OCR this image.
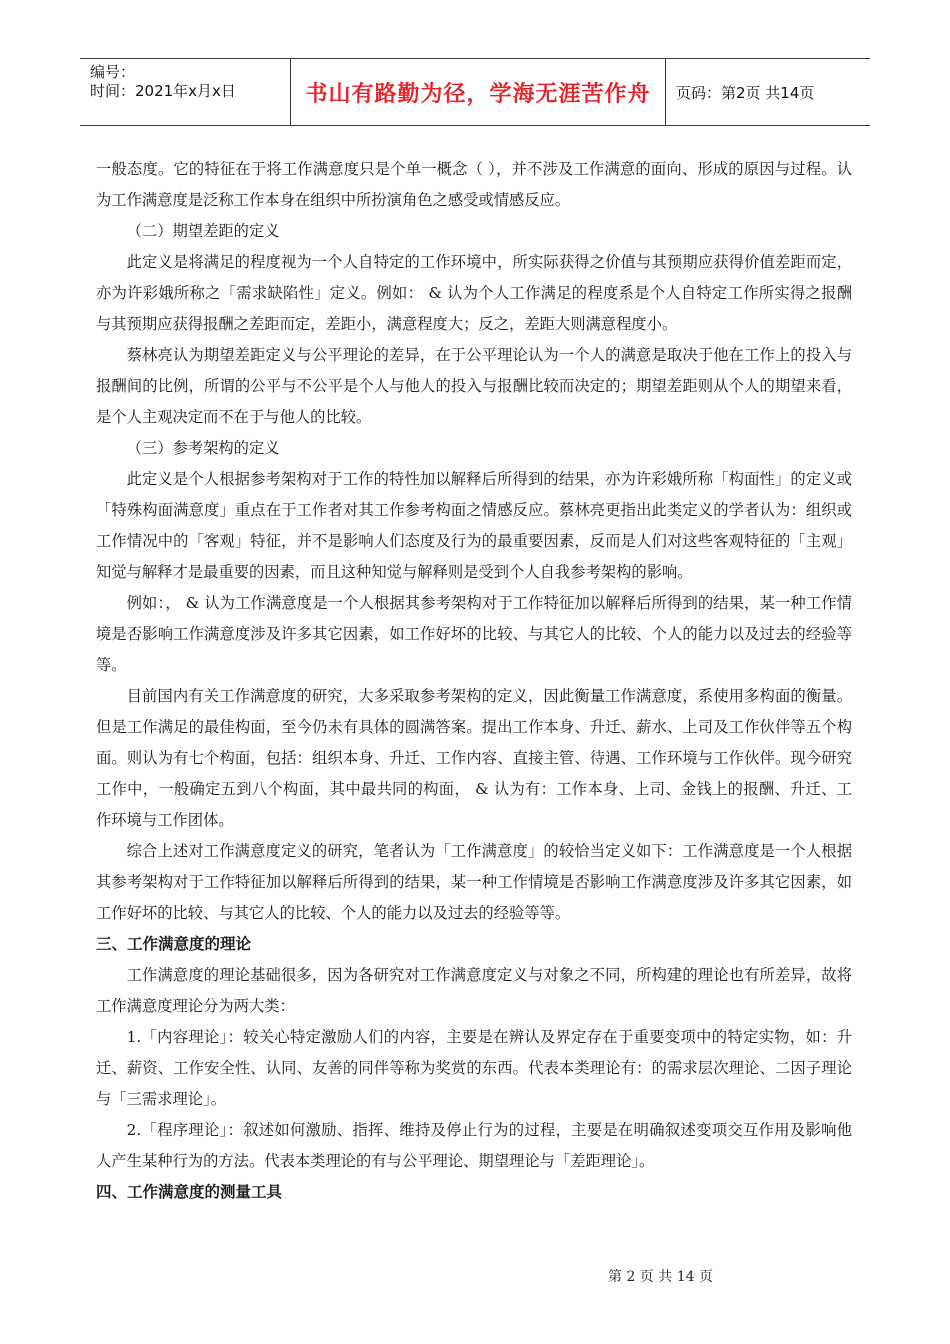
编号：
时间：2021年x月x日	书山有路勤为径，学海无涯苦作舟	页码：第2页 共14页

一般态度。它的特征在于将工作满意度只是个单一概念（ ），并不涉及工作满意的面向、形成的原因与过程。认为工作满意度是泛称工作本身在组织中所扮演角色之感受或情感反应。

（二）期望差距的定义

此定义是将满足的程度视为一个人自特定的工作环境中，所实际获得之价值与其预期应获得价值差距而定，亦为许彩娥所称之「需求缺陷性」定义。例如： & 认为个人工作满足的程度系是个人自特定工作所实得之报酬与其预期应获得报酬之差距而定，差距小，满意程度大；反之，差距大则满意程度小。

蔡林亮认为期望差距定义与公平理论的差异，在于公平理论认为一个人的满意是取决于他在工作上的投入与报酬间的比例，所谓的公平与不公平是个人与他人的投入与报酬比较而决定的；期望差距则从个人的期望来看，是个人主观决定而不在于与他人的比较。

（三）参考架构的定义

此定义是个人根据参考架构对于工作的特性加以解释后所得到的结果，亦为许彩娥所称「构面性」的定义或「特殊构面满意度」重点在于工作者对其工作参考构面之情感反应。蔡林亮更指出此类定义的学者认为：组织或工作情况中的「客观」特征，并不是影响人们态度及行为的最重要因素，反而是人们对这些客观特征的「主观」知觉与解释才是最重要的因素，而且这种知觉与解释则是受到个人自我参考架构的影响。

例如：， & 认为工作满意度是一个人根据其参考架构对于工作特征加以解释后所得到的结果，某一种工作情境是否影响工作满意度涉及许多其它因素，如工作好坏的比较、与其它人的比较、个人的能力以及过去的经验等等。

目前国内有关工作满意度的研究，大多采取参考架构的定义，因此衡量工作满意度，系使用多构面的衡量。但是工作满足的最佳构面，至今仍未有具体的圆满答案。提出工作本身、升迁、薪水、上司及工作伙伴等五个构面。则认为有七个构面，包括：组织本身、升迁、工作内容、直接主管、待遇、工作环境与工作伙伴。现今研究工作中，一般确定五到八个构面，其中最共同的构面， & 认为有：工作本身、上司、金钱上的报酬、升迁、工作环境与工作团体。

综合上述对工作满意度定义的研究，笔者认为「工作满意度」的较恰当定义如下：工作满意度是一个人根据其参考架构对于工作特征加以解释后所得到的结果，某一种工作情境是否影响工作满意度涉及许多其它因素，如工作好坏的比较、与其它人的比较、个人的能力以及过去的经验等等。

三、工作满意度的理论

工作满意度的理论基础很多，因为各研究对工作满意度定义与对象之不同，所构建的理论也有所差异，故将工作满意度理论分为两大类：

1.「内容理论」：较关心特定激励人们的内容，主要是在辨认及界定存在于重要变项中的特定实物，如：升迁、薪资、工作安全性、认同、友善的同伴等称为奖赏的东西。代表本类理论有：的需求层次理论、二因子理论与「三需求理论」。

2.「程序理论」：叙述如何激励、指挥、维持及停止行为的过程，主要是在明确叙述变项交互作用及影响他人产生某种行为的方法。代表本类理论的有与公平理论、期望理论与「差距理论」。

四、工作满意度的测量工具

第 2 页 共 14 页
